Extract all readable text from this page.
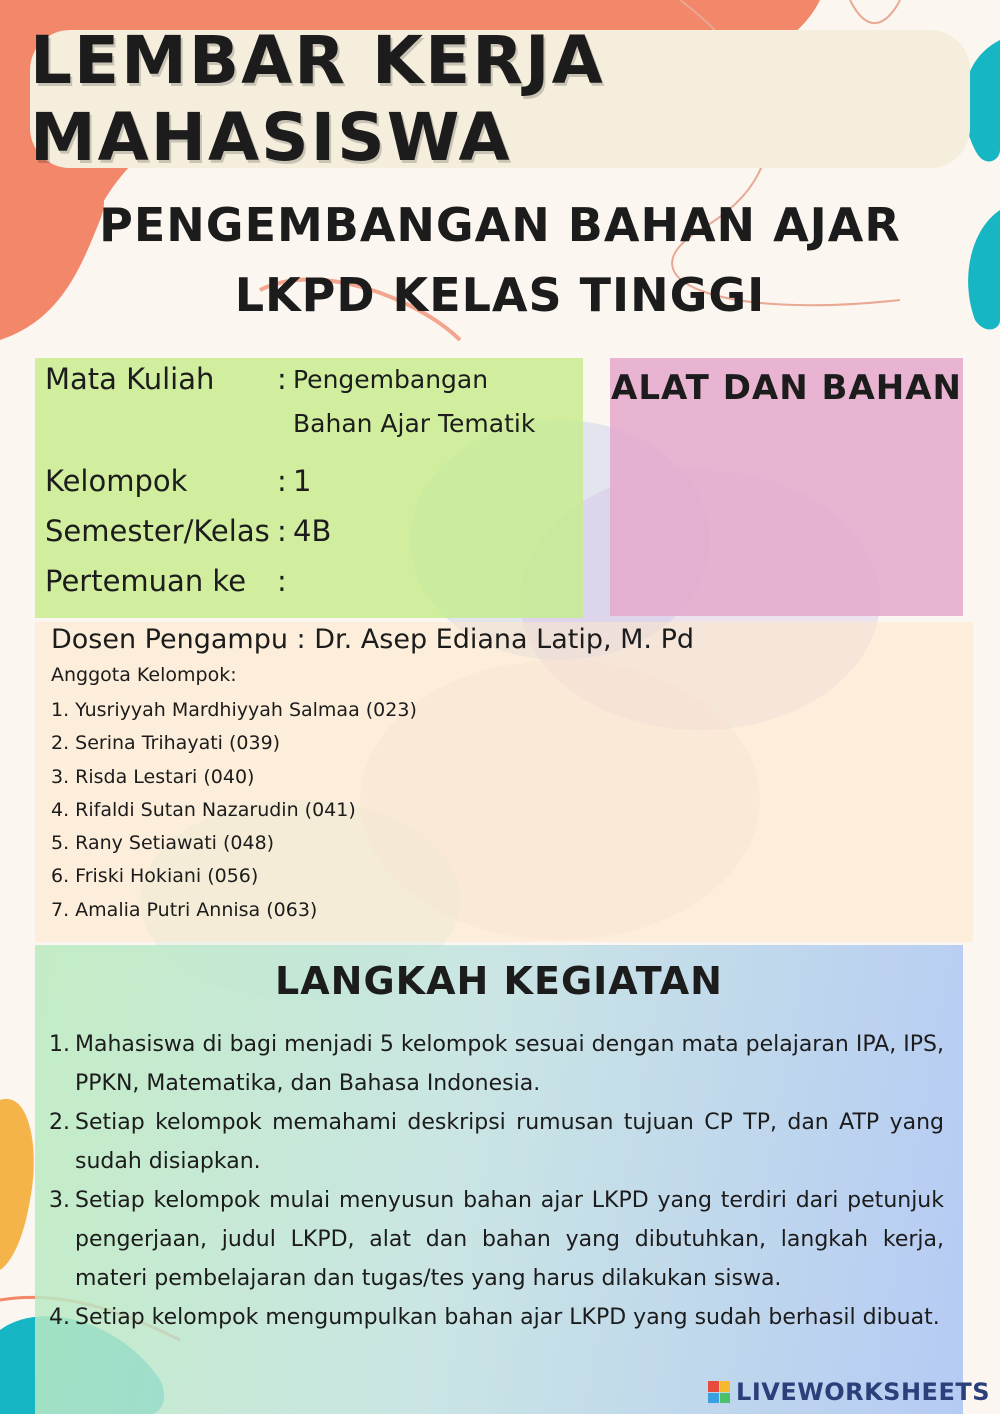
LEMBAR KERJA MAHASISWA
PENGEMBANGAN BAHAN AJAR
LKPD KELAS TINGGI
Mata Kuliah : Pengembangan
Bahan Ajar Tematik
Kelompok	: 1
Semester/Kelas : 4B
Pertemuan ke :
ALAT DAN BAHAN
Dosen Pengampu : Dr. Asep Ediana Latip, M. Pd
Anggota Kelompok:
1. Yusriyyah Mardhiyyah Salmaa (023)
2. Serina Trihayati (039)
3. Risda Lestari (040)
4. Rifaldi Sutan Nazarudin (041)
5. Rany Setiawati (048)
6. Friski Hokiani (056)
7. Amalia Putri Annisa (063)
LANGKAH KEGIATAN
1. Mahasiswa di bagi menjadi 5 kelompok sesuai dengan mata pelajaran IPA, IPS, PPKN, Matematika, dan Bahasa Indonesia.
2. Setiap kelompok memahami deskripsi rumusan tujuan CP TP, dan ATP yang sudah disiapkan.
3. Setiap kelompok mulai menyusun bahan ajar LKPD yang terdiri dari petunjuk pengerjaan, judul LKPD, alat dan bahan yang dibutuhkan, langkah kerja, materi pembelajaran dan tugas/tes yang harus dilakukan siswa.
4. Setiap kelompok mengumpulkan bahan ajar LKPD yang sudah berhasil dibuat.
LIVEWORKSHEETS
